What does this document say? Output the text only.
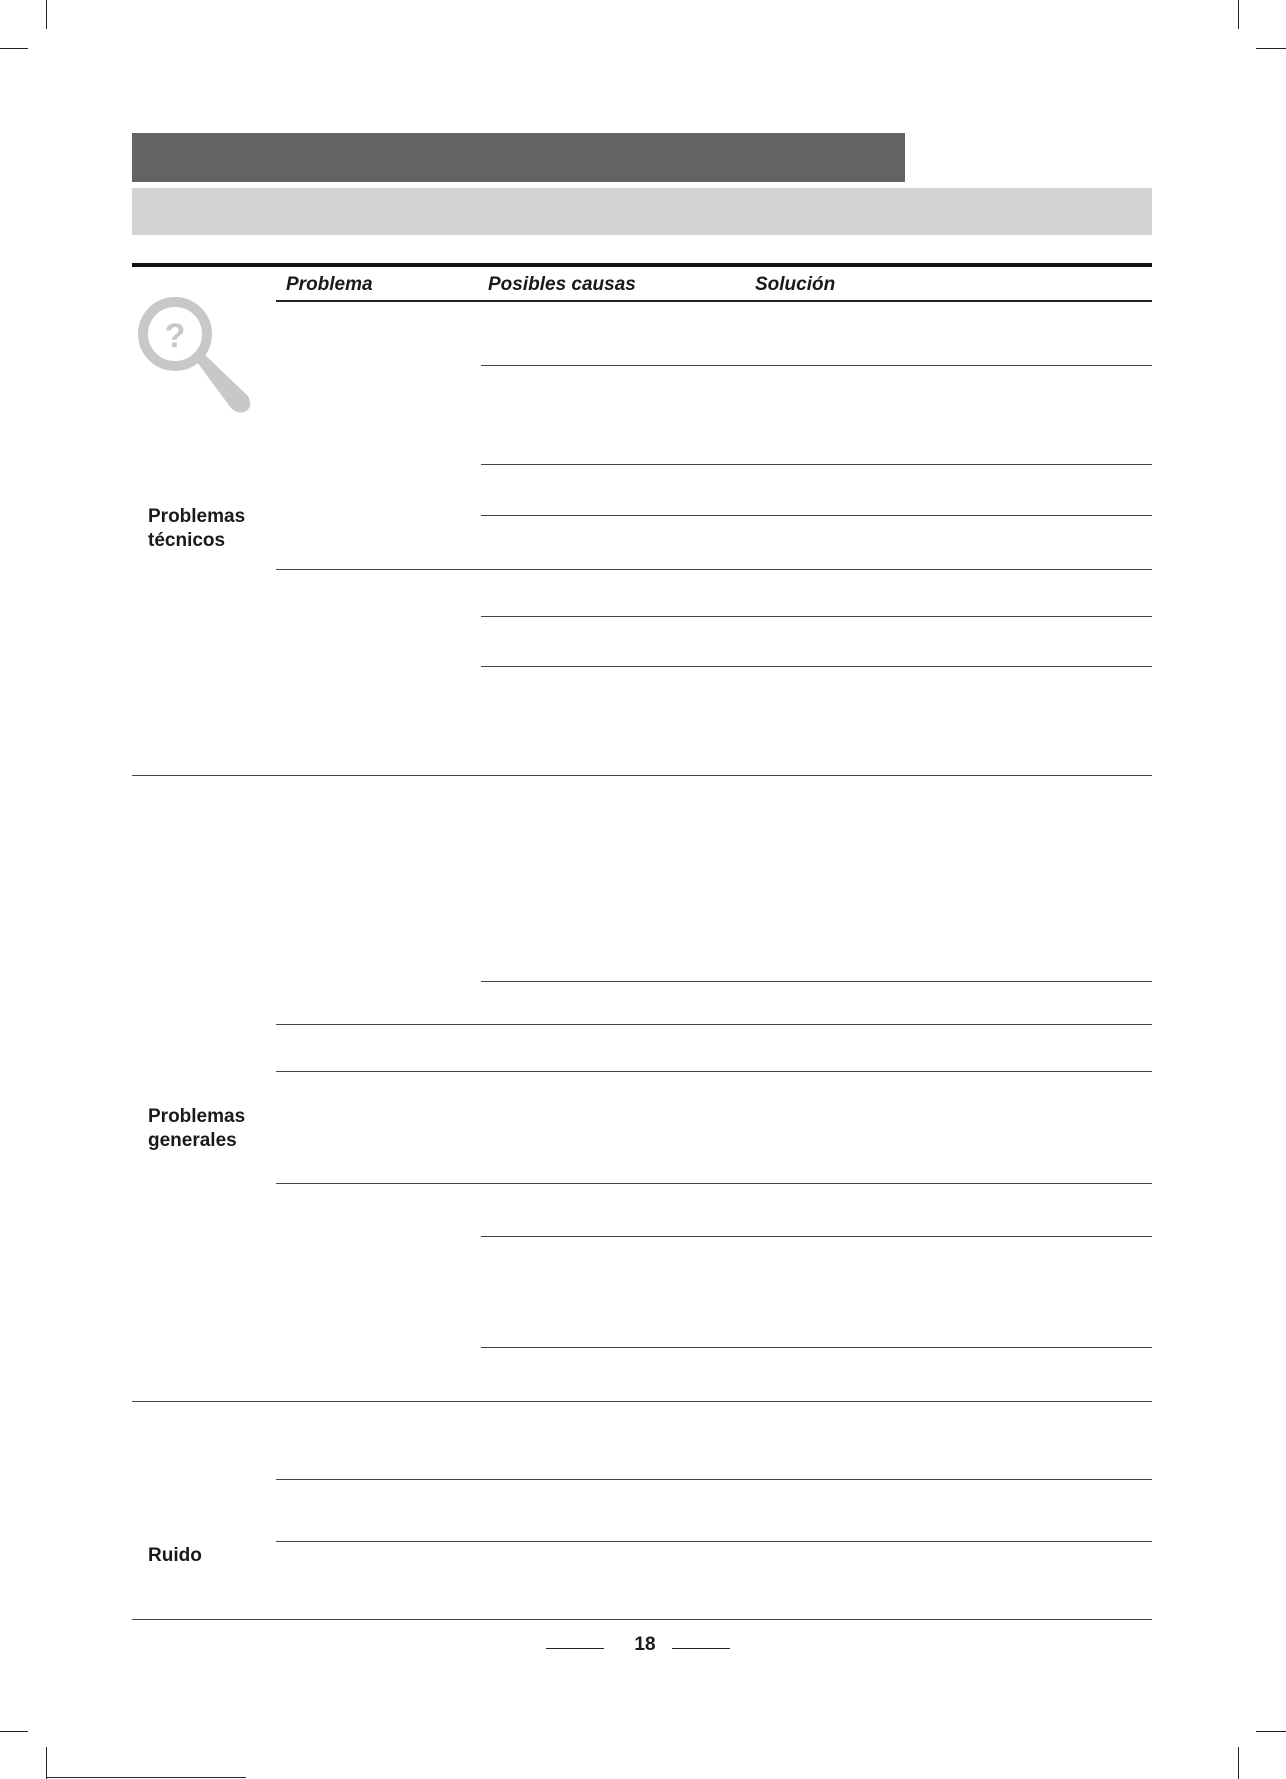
Problema	Posibles causas	Solución
?
Problemas
técnicos
Problemas
generales
Ruido
18
